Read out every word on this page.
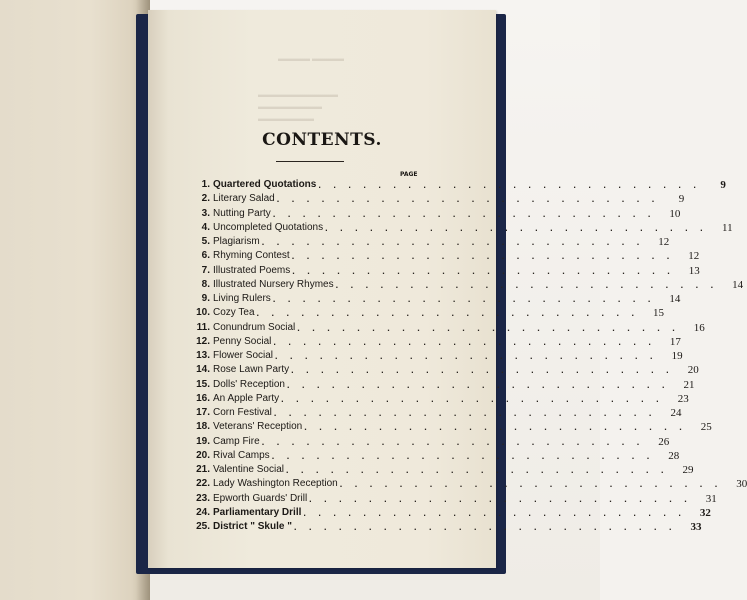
▬▬▬▬ ▬▬▬▬
▬▬▬▬▬▬▬▬▬▬
▬▬▬▬▬▬▬▬
▬▬▬▬▬▬▬
CONTENTS.
PAGE
1. Quartered Quotations . . . . . . . . . . . . . . . . . . . . . . . . . .	9
2. Literary Salad . . . . . . . . . . . . . . . . . . . . . . . . . .	9
3. Nutting Party . . . . . . . . . . . . . . . . . . . . . . . . . .	10
4. Uncompleted Quotations . . . . . . . . . . . . . . . . . . . . . . . . . .	11
5. Plagiarism . . . . . . . . . . . . . . . . . . . . . . . . . .	12
6. Rhyming Contest . . . . . . . . . . . . . . . . . . . . . . . . . .	12
7. Illustrated Poems . . . . . . . . . . . . . . . . . . . . . . . . . .	13
8. Illustrated Nursery Rhymes . . . . . . . . . . . . . . . . . . . . . . . . . .	14
9. Living Rulers . . . . . . . . . . . . . . . . . . . . . . . . . .	14
10. Cozy Tea . . . . . . . . . . . . . . . . . . . . . . . . . .	15
11. Conundrum Social . . . . . . . . . . . . . . . . . . . . . . . . . .	16
12. Penny Social . . . . . . . . . . . . . . . . . . . . . . . . . .	17
13. Flower Social . . . . . . . . . . . . . . . . . . . . . . . . . .	19
14. Rose Lawn Party . . . . . . . . . . . . . . . . . . . . . . . . . .	20
15. Dolls' Reception . . . . . . . . . . . . . . . . . . . . . . . . . .	21
16. An Apple Party . . . . . . . . . . . . . . . . . . . . . . . . . .	23
17. Corn Festival . . . . . . . . . . . . . . . . . . . . . . . . . .	24
18. Veterans' Reception . . . . . . . . . . . . . . . . . . . . . . . . . .	25
19. Camp Fire . . . . . . . . . . . . . . . . . . . . . . . . . .	26
20. Rival Camps . . . . . . . . . . . . . . . . . . . . . . . . . .	28
21. Valentine Social . . . . . . . . . . . . . . . . . . . . . . . . . .	29
22. Lady Washington Reception . . . . . . . . . . . . . . . . . . . . . . . . . .	30
23. Epworth Guards' Drill . . . . . . . . . . . . . . . . . . . . . . . . . .	31
24. Parliamentary Drill . . . . . . . . . . . . . . . . . . . . . . . . . .	32
25. District " Skule " . . . . . . . . . . . . . . . . . . . . . . . . . .	33
